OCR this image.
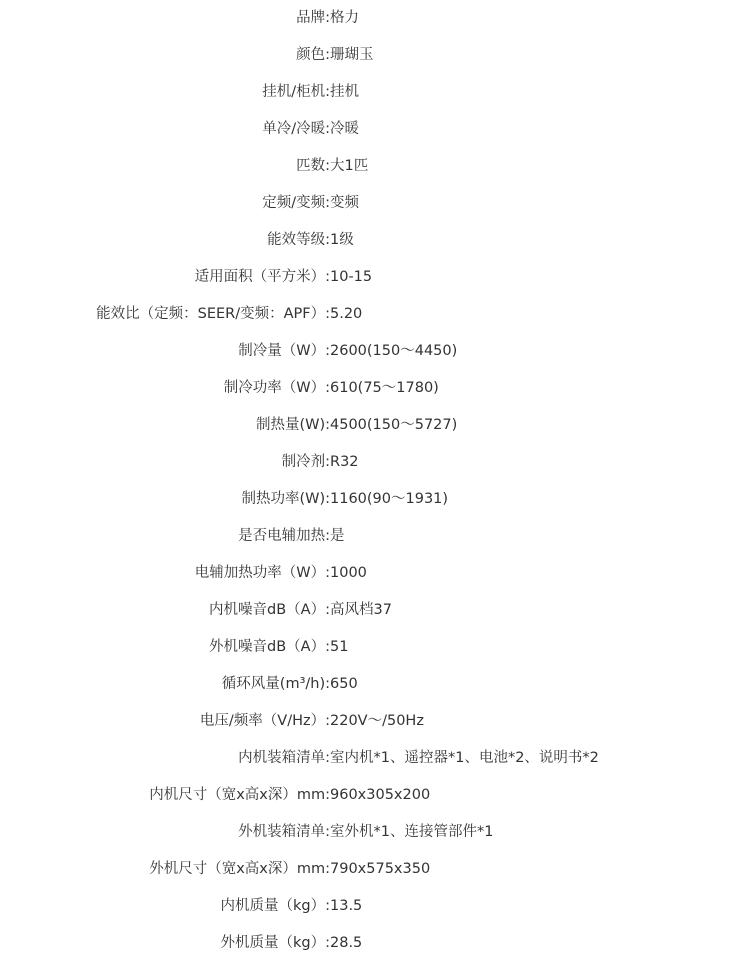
品牌:	格力
颜色:	珊瑚玉
挂机/柜机:	挂机
单冷/冷暖:	冷暖
匹数:	大1匹
定频/变频:	变频
能效等级:	1级
适用面积（平方米）:	10-15
能效比（定频：SEER/变频：APF）:	5.20
制冷量（W）:	2600(150～4450)
制冷功率（W）:	610(75～1780)
制热量(W):	4500(150～5727)
制冷剂:	R32
制热功率(W):	1160(90～1931)
是否电辅加热:	是
电辅加热功率（W）:	1000
内机噪音dB（A）:	高风档37
外机噪音dB（A）:	51
循环风量(m³/h):	650
电压/频率（V/Hz）:	220V～/50Hz
内机装箱清单:	室内机*1、遥控器*1、电池*2、说明书*2
内机尺寸（宽x高x深）mm:	960x305x200
外机装箱清单:	室外机*1、连接管部件*1
外机尺寸（宽x高x深）mm:	790x575x350
内机质量（kg）:	13.5
外机质量（kg）:	28.5
